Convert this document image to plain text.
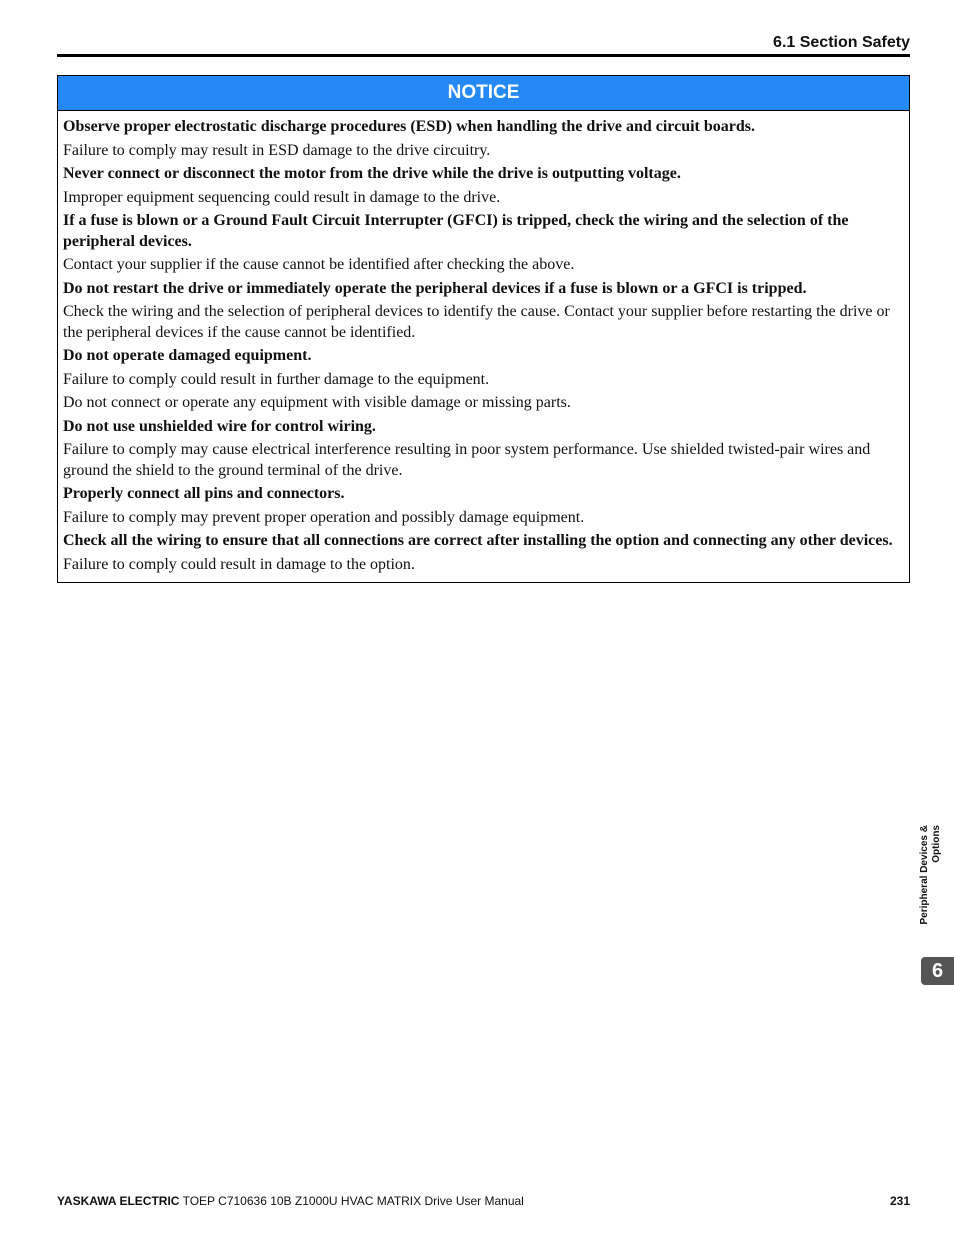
6.1 Section Safety
NOTICE

Observe proper electrostatic discharge procedures (ESD) when handling the drive and circuit boards.

Failure to comply may result in ESD damage to the drive circuitry.

Never connect or disconnect the motor from the drive while the drive is outputting voltage.

Improper equipment sequencing could result in damage to the drive.

If a fuse is blown or a Ground Fault Circuit Interrupter (GFCI) is tripped, check the wiring and the selection of the peripheral devices.

Contact your supplier if the cause cannot be identified after checking the above.

Do not restart the drive or immediately operate the peripheral devices if a fuse is blown or a GFCI is tripped.

Check the wiring and the selection of peripheral devices to identify the cause. Contact your supplier before restarting the drive or the peripheral devices if the cause cannot be identified.

Do not operate damaged equipment.

Failure to comply could result in further damage to the equipment.

Do not connect or operate any equipment with visible damage or missing parts.

Do not use unshielded wire for control wiring.

Failure to comply may cause electrical interference resulting in poor system performance. Use shielded twisted-pair wires and ground the shield to the ground terminal of the drive.

Properly connect all pins and connectors.

Failure to comply may prevent proper operation and possibly damage equipment.

Check all the wiring to ensure that all connections are correct after installing the option and connecting any other devices.

Failure to comply could result in damage to the option.

Peripheral Devices & Options
6
YASKAWA ELECTRIC TOEP C710636 10B Z1000U HVAC MATRIX Drive User Manual	231
